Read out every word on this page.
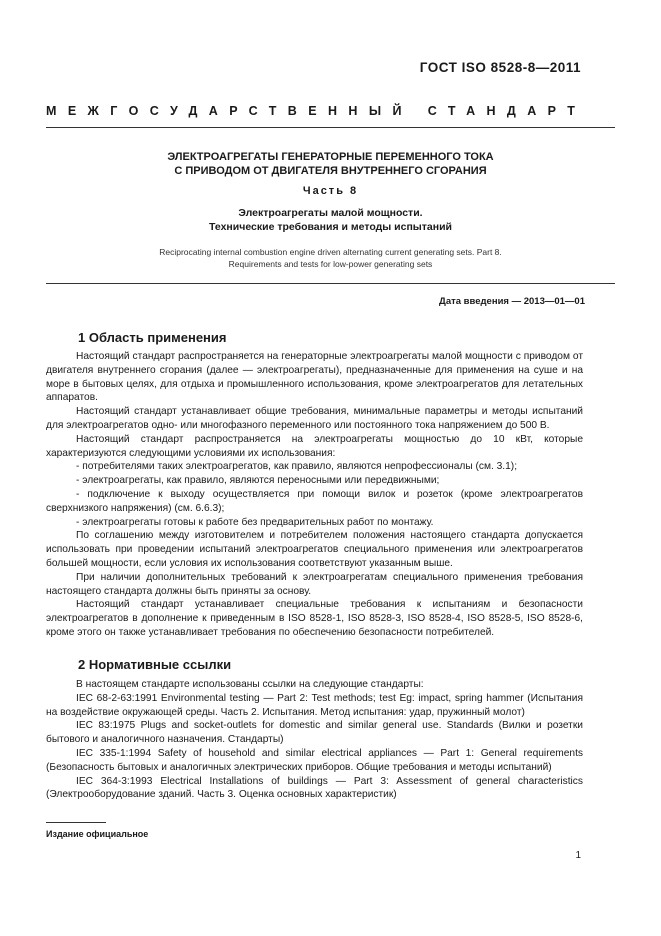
ГОСТ ISO 8528-8—2011
МЕЖГОСУДАРСТВЕННЫЙ СТАНДАРТ
ЭЛЕКТРОАГРЕГАТЫ ГЕНЕРАТОРНЫЕ ПЕРЕМЕННОГО ТОКА
С ПРИВОДОМ ОТ ДВИГАТЕЛЯ ВНУТРЕННЕГО СГОРАНИЯ
Часть 8
Электроагрегаты малой мощности.
Технические требования и методы испытаний
Reciprocating internal combustion engine driven alternating current generating sets. Part 8.
Requirements and tests for low-power generating sets
Дата введения — 2013—01—01
1 Область применения

Настоящий стандарт распространяется на генераторные электроагрегаты малой мощности с приводом от двигателя внутреннего сгорания (далее — электроагрегаты), предназначенные для применения на суше и на море в бытовых целях, для отдыха и промышленного использования, кроме электроагрегатов для летательных аппаратов.

Настоящий стандарт устанавливает общие требования, минимальные параметры и методы испытаний для электроагрегатов одно- или многофазного переменного или постоянного тока напряжением до 500 В.

Настоящий стандарт распространяется на электроагрегаты мощностью до 10 кВт, которые характеризуются следующими условиями их использования:

- потребителями таких электроагрегатов, как правило, являются непрофессионалы (см. 3.1);

- электроагрегаты, как правило, являются переносными или передвижными;

- подключение к выходу осуществляется при помощи вилок и розеток (кроме электроагрегатов сверхнизкого напряжения) (см. 6.6.3);

- электроагрегаты готовы к работе без предварительных работ по монтажу.

По соглашению между изготовителем и потребителем положения настоящего стандарта допускается использовать при проведении испытаний электроагрегатов специального применения или электроагрегатов большей мощности, если условия их использования соответствуют указанным выше.

При наличии дополнительных требований к электроагрегатам специального применения требования настоящего стандарта должны быть приняты за основу.

Настоящий стандарт устанавливает специальные требования к испытаниям и безопасности электроагрегатов в дополнение к приведенным в ISO 8528-1, ISO 8528-3, ISO 8528-4, ISO 8528-5, ISO 8528-6, кроме этого он также устанавливает требования по обеспечению безопасности потребителей.

2 Нормативные ссылки

В настоящем стандарте использованы ссылки на следующие стандарты:

IEC 68-2-63:1991 Environmental testing — Part 2: Test methods; test Eg: impact, spring hammer (Испытания на воздействие окружающей среды. Часть 2. Испытания. Метод испытания: удар, пружинный молот)

IEC 83:1975 Plugs and socket-outlets for domestic and similar general use. Standards (Вилки и розетки бытового и аналогичного назначения. Стандарты)

IEC 335-1:1994 Safety of household and similar electrical appliances — Part 1: General requirements (Безопасность бытовых и аналогичных электрических приборов. Общие требования и методы испытаний)

IEC 364-3:1993 Electrical Installations of buildings — Part 3: Assessment of general characteristics (Электрооборудование зданий. Часть 3. Оценка основных характеристик)

Издание официальное
1
